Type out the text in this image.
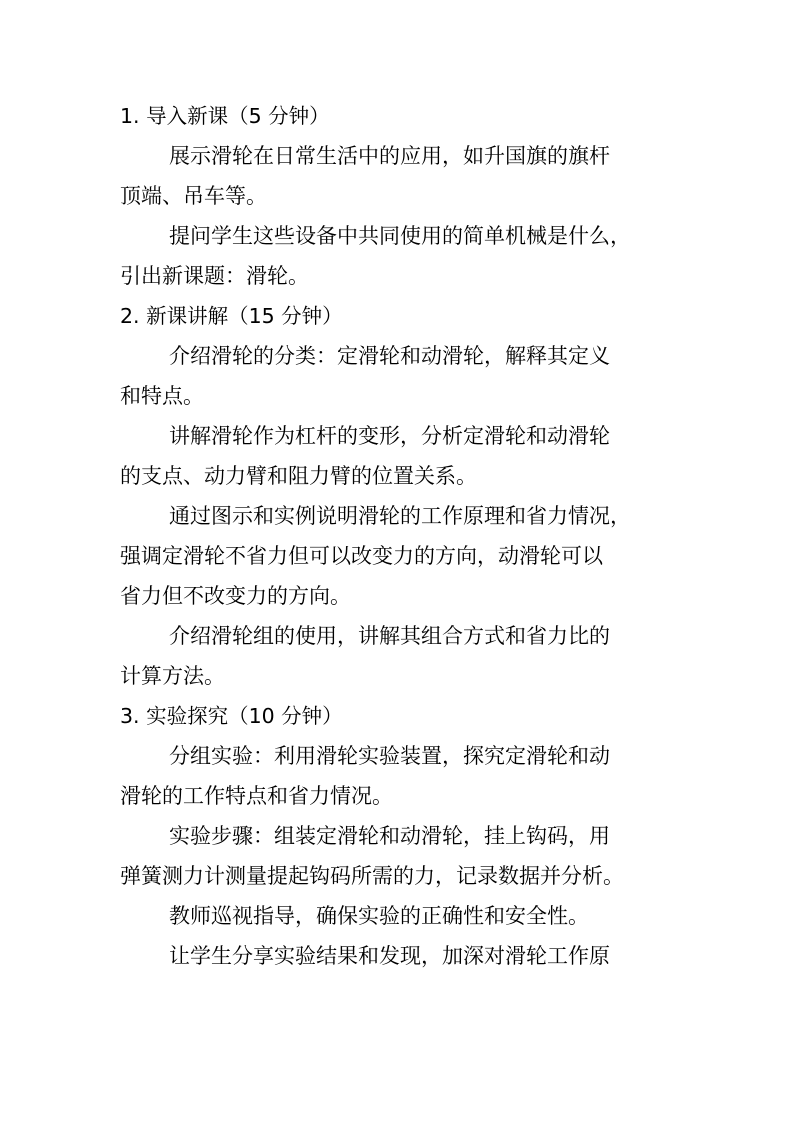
1. 导入新课（5 分钟）
展示滑轮在日常生活中的应用，如升国旗的旗杆
顶端、吊车等。
提问学生这些设备中共同使用的简单机械是什么，
引出新课题：滑轮。
2. 新课讲解（15 分钟）
介绍滑轮的分类：定滑轮和动滑轮，解释其定义
和特点。
讲解滑轮作为杠杆的变形，分析定滑轮和动滑轮
的支点、动力臂和阻力臂的位置关系。
通过图示和实例说明滑轮的工作原理和省力情况，
强调定滑轮不省力但可以改变力的方向，动滑轮可以
省力但不改变力的方向。
介绍滑轮组的使用，讲解其组合方式和省力比的
计算方法。
3. 实验探究（10 分钟）
分组实验：利用滑轮实验装置，探究定滑轮和动
滑轮的工作特点和省力情况。
实验步骤：组装定滑轮和动滑轮，挂上钩码，用
弹簧测力计测量提起钩码所需的力，记录数据并分析。
教师巡视指导，确保实验的正确性和安全性。
让学生分享实验结果和发现，加深对滑轮工作原
